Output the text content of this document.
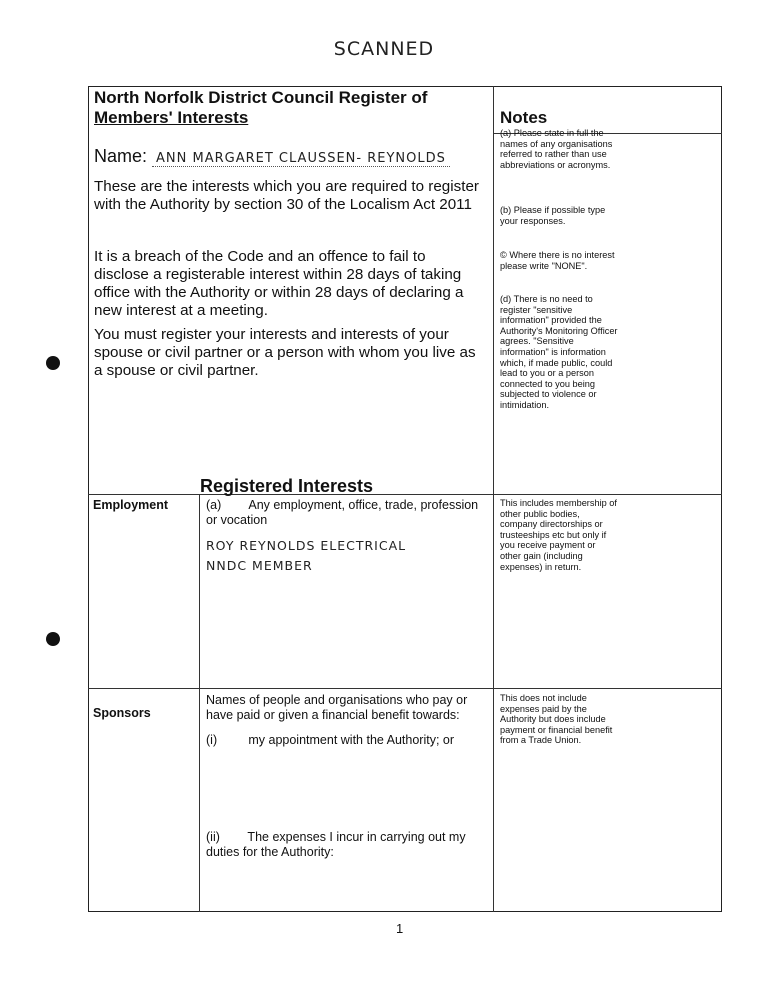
SCANNED
North Norfolk District Council Register of
Members' Interests	Notes
Name: ANN MARGARET CLAUSSEN- REYNOLDS
These are the interests which you are required to register with the Authority by section 30 of the Localism Act 2011
It is a breach of the Code and an offence to fail to disclose a registerable interest within 28 days of taking office with the Authority or within 28 days of declaring a new interest at a meeting.
You must register your interests and interests of your spouse or civil partner or a person with whom you live as a spouse or civil partner.
(a) Please state in full the names of any organisations referred to rather than use abbreviations or acronyms.
(b) Please if possible type your responses.
© Where there is no interest please write "NONE".
(d) There is no need to register "sensitive information" provided the Authority's Monitoring Officer agrees. "Sensitive information" is information which, if made public, could lead to you or a person connected to you being subjected to violence or intimidation.
Registered Interests
Employment	(a)        Any employment, office, trade, profession or vocation
ROY REYNOLDS ELECTRICAL
NNDC MEMBER
This includes membership of other public bodies, company directorships or trusteeships etc but only if you receive payment or other gain (including expenses) in return.
Sponsors
Names of people and organisations who pay or have paid or given a financial benefit towards:
(i)         my appointment with the Authority; or
(ii)        The expenses I incur in carrying out my duties for the Authority:
This does not include expenses paid by the Authority but does include payment or financial benefit from a Trade Union.
1
